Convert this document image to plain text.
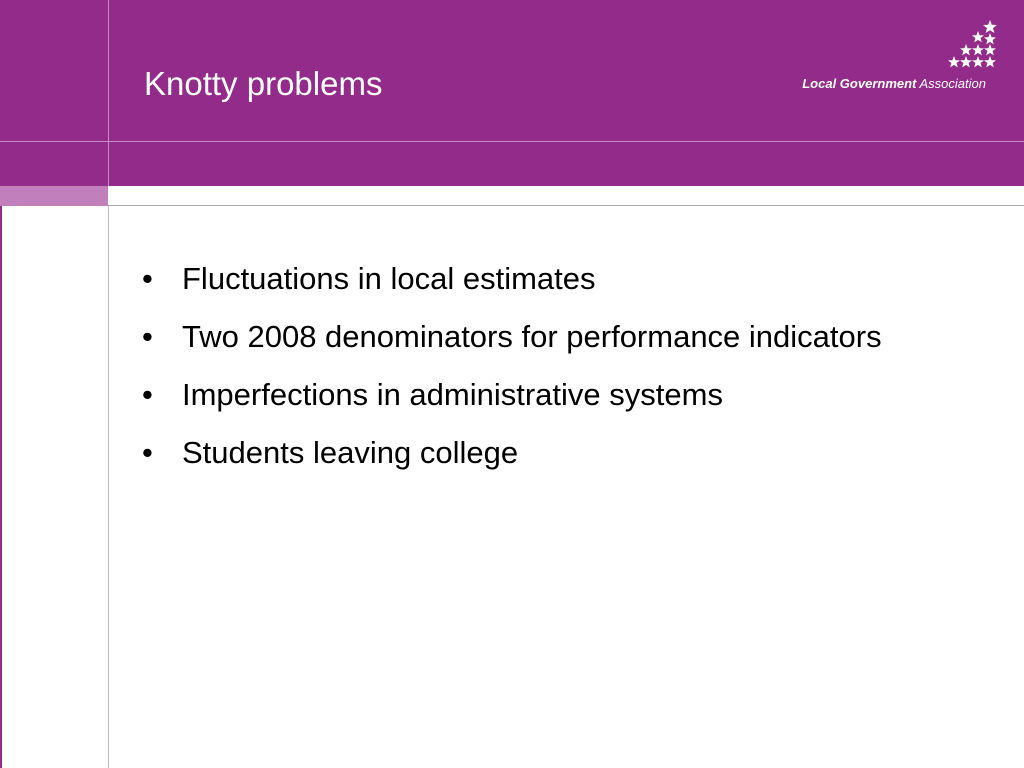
Knotty problems	Local Government Association
• Fluctuations in local estimates
• Two 2008 denominators for performance indicators
• Imperfections in administrative systems
• Students leaving college
